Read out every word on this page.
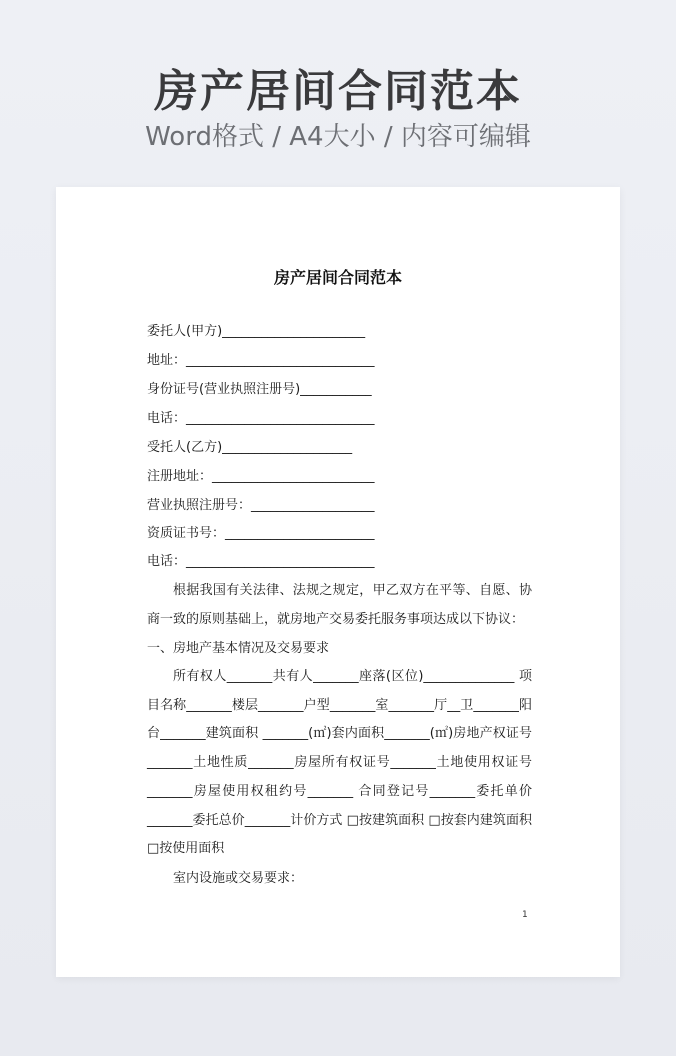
房产居间合同范本
Word格式 / A4大小 / 内容可编辑
房产居间合同范本
委托人(甲方)______________________
地址：_____________________________
身份证号(营业执照注册号)___________
电话：_____________________________
受托人(乙方)____________________
注册地址：_________________________
营业执照注册号：___________________
资质证书号：_______________________
电话：_____________________________

根据我国有关法律、法规之规定，甲乙双方在平等、自愿、协商一致的原则基础上，就房地产交易委托服务事项达成以下协议：

一、房地产基本情况及交易要求

所有权人_______共有人_______座落(区位)______________ 项目名称_______楼层_______户型_______室_______厅__卫_______阳台_______建筑面积 _______(㎡)套内面积_______(㎡)房地产权证号_______土地性质_______房屋所有权证号_______土地使用权证号_______房屋使用权租约号_______ 合同登记号_______委托单价_______委托总价_______计价方式 □按建筑面积 □按套内建筑面积 □按使用面积

室内设施或交易要求：
1
